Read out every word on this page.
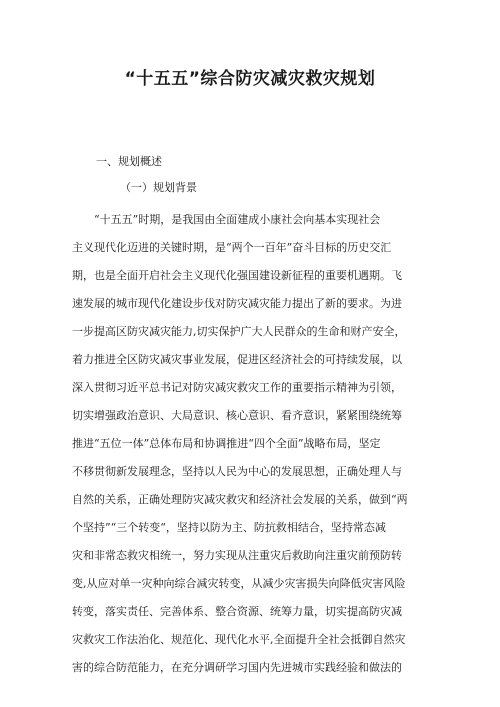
“十五五”综合防灾减灾救灾规划

一、规划概述

（一）规划背景

“十五五”时期，是我国由全面建成小康社会向基本实现社会
主义现代化迈进的关键时期，是“两个一百年”奋斗目标的历史交汇
期，也是全面开启社会主义现代化强国建设新征程的重要机遇期。飞
速发展的城市现代化建设步伐对防灾减灾能力提出了新的要求。为进
一步提高区防灾减灾能力,切实保护广大人民群众的生命和财产安全，
着力推进全区防灾减灾事业发展，促进区经济社会的可持续发展，以
深入贯彻习近平总书记对防灾减灾救灾工作的重要指示精神为引领，
切实增强政治意识、大局意识、核心意识、看齐意识，紧紧围绕统筹
推进“五位一体”总体布局和协调推进“四个全面”战略布局，坚定
不移贯彻新发展理念，坚持以人民为中心的发展思想，正确处理人与
自然的关系，正确处理防灾减灾救灾和经济社会发展的关系，做到“两
个坚持”“三个转变“，坚持以防为主、防抗救相结合，坚持常态减
灾和非常态救灾相统一，努力实现从注重灾后救助向注重灾前预防转
变,从应对单一灾种向综合减灾转变，从减少灾害损失向降低灾害风险
转变，落实责任、完善体系、整合资源、统筹力量，切实提高防灾减
灾救灾工作法治化、规范化、现代化水平,全面提升全社会抵御自然灾
害的综合防范能力，在充分调研学习国内先进城市实践经验和做法的
